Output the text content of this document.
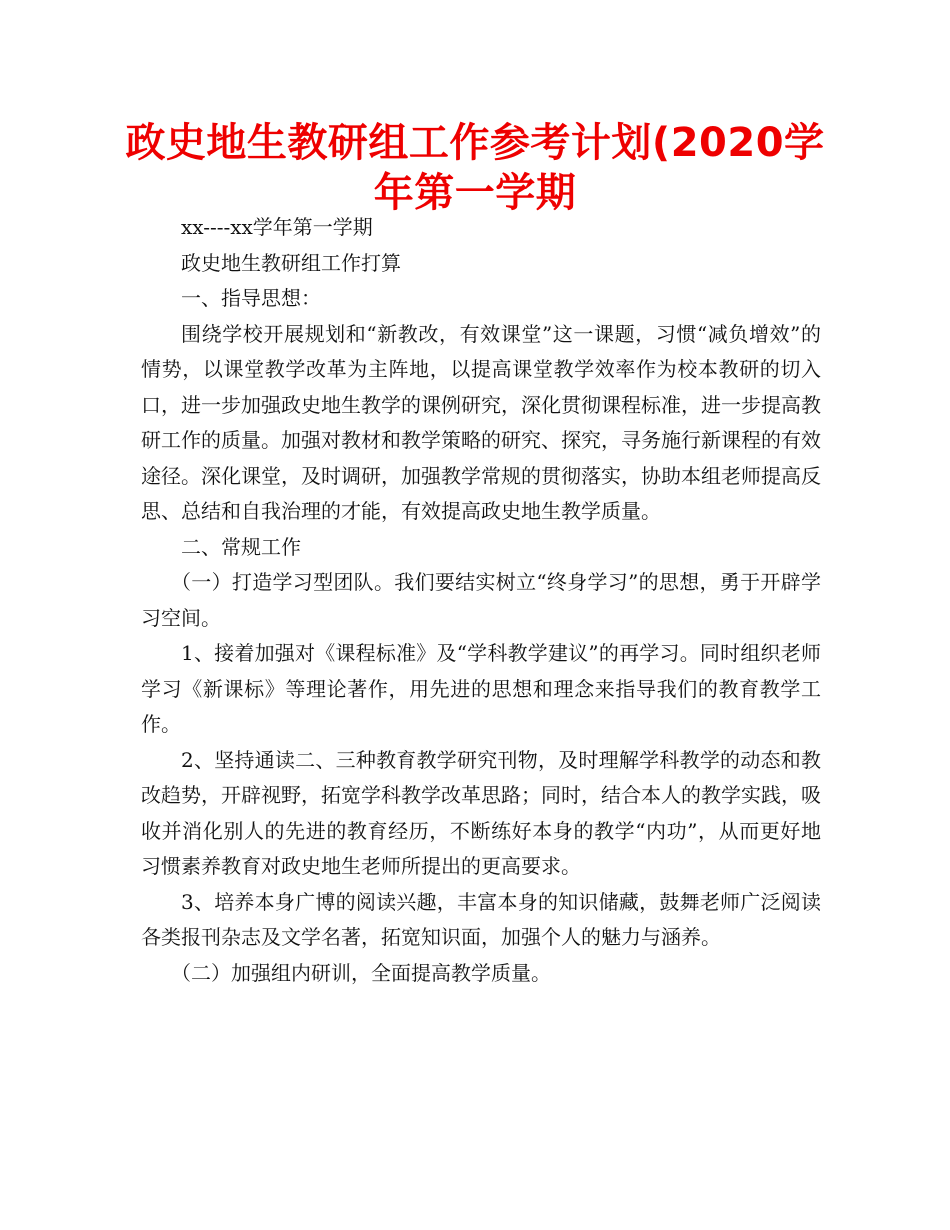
政史地生教研组工作参考计划(2020学年第一学期

xx----xx学年第一学期

政史地生教研组工作打算

一、指导思想：

围绕学校开展规划和“新教改，有效课堂”这一课题，习惯“减负增效”的情势，以课堂教学改革为主阵地，以提高课堂教学效率作为校本教研的切入口，进一步加强政史地生教学的课例研究，深化贯彻课程标准，进一步提高教研工作的质量。加强对教材和教学策略的研究、探究，寻务施行新课程的有效途径。深化课堂，及时调研，加强教学常规的贯彻落实，协助本组老师提高反思、总结和自我治理的才能，有效提高政史地生教学质量。

二、常规工作

（一）打造学习型团队。我们要结实树立“终身学习”的思想，勇于开辟学习空间。

1、接着加强对《课程标准》及“学科教学建议”的再学习。同时组织老师学习《新课标》等理论著作，用先进的思想和理念来指导我们的教育教学工作。

2、坚持通读二、三种教育教学研究刊物，及时理解学科教学的动态和教改趋势，开辟视野，拓宽学科教学改革思路；同时，结合本人的教学实践，吸收并消化别人的先进的教育经历，不断练好本身的教学“内功”，从而更好地习惯素养教育对政史地生老师所提出的更高要求。

3、培养本身广博的阅读兴趣，丰富本身的知识储藏，鼓舞老师广泛阅读各类报刊杂志及文学名著，拓宽知识面，加强个人的魅力与涵养。

（二）加强组内研训，全面提高教学质量。
